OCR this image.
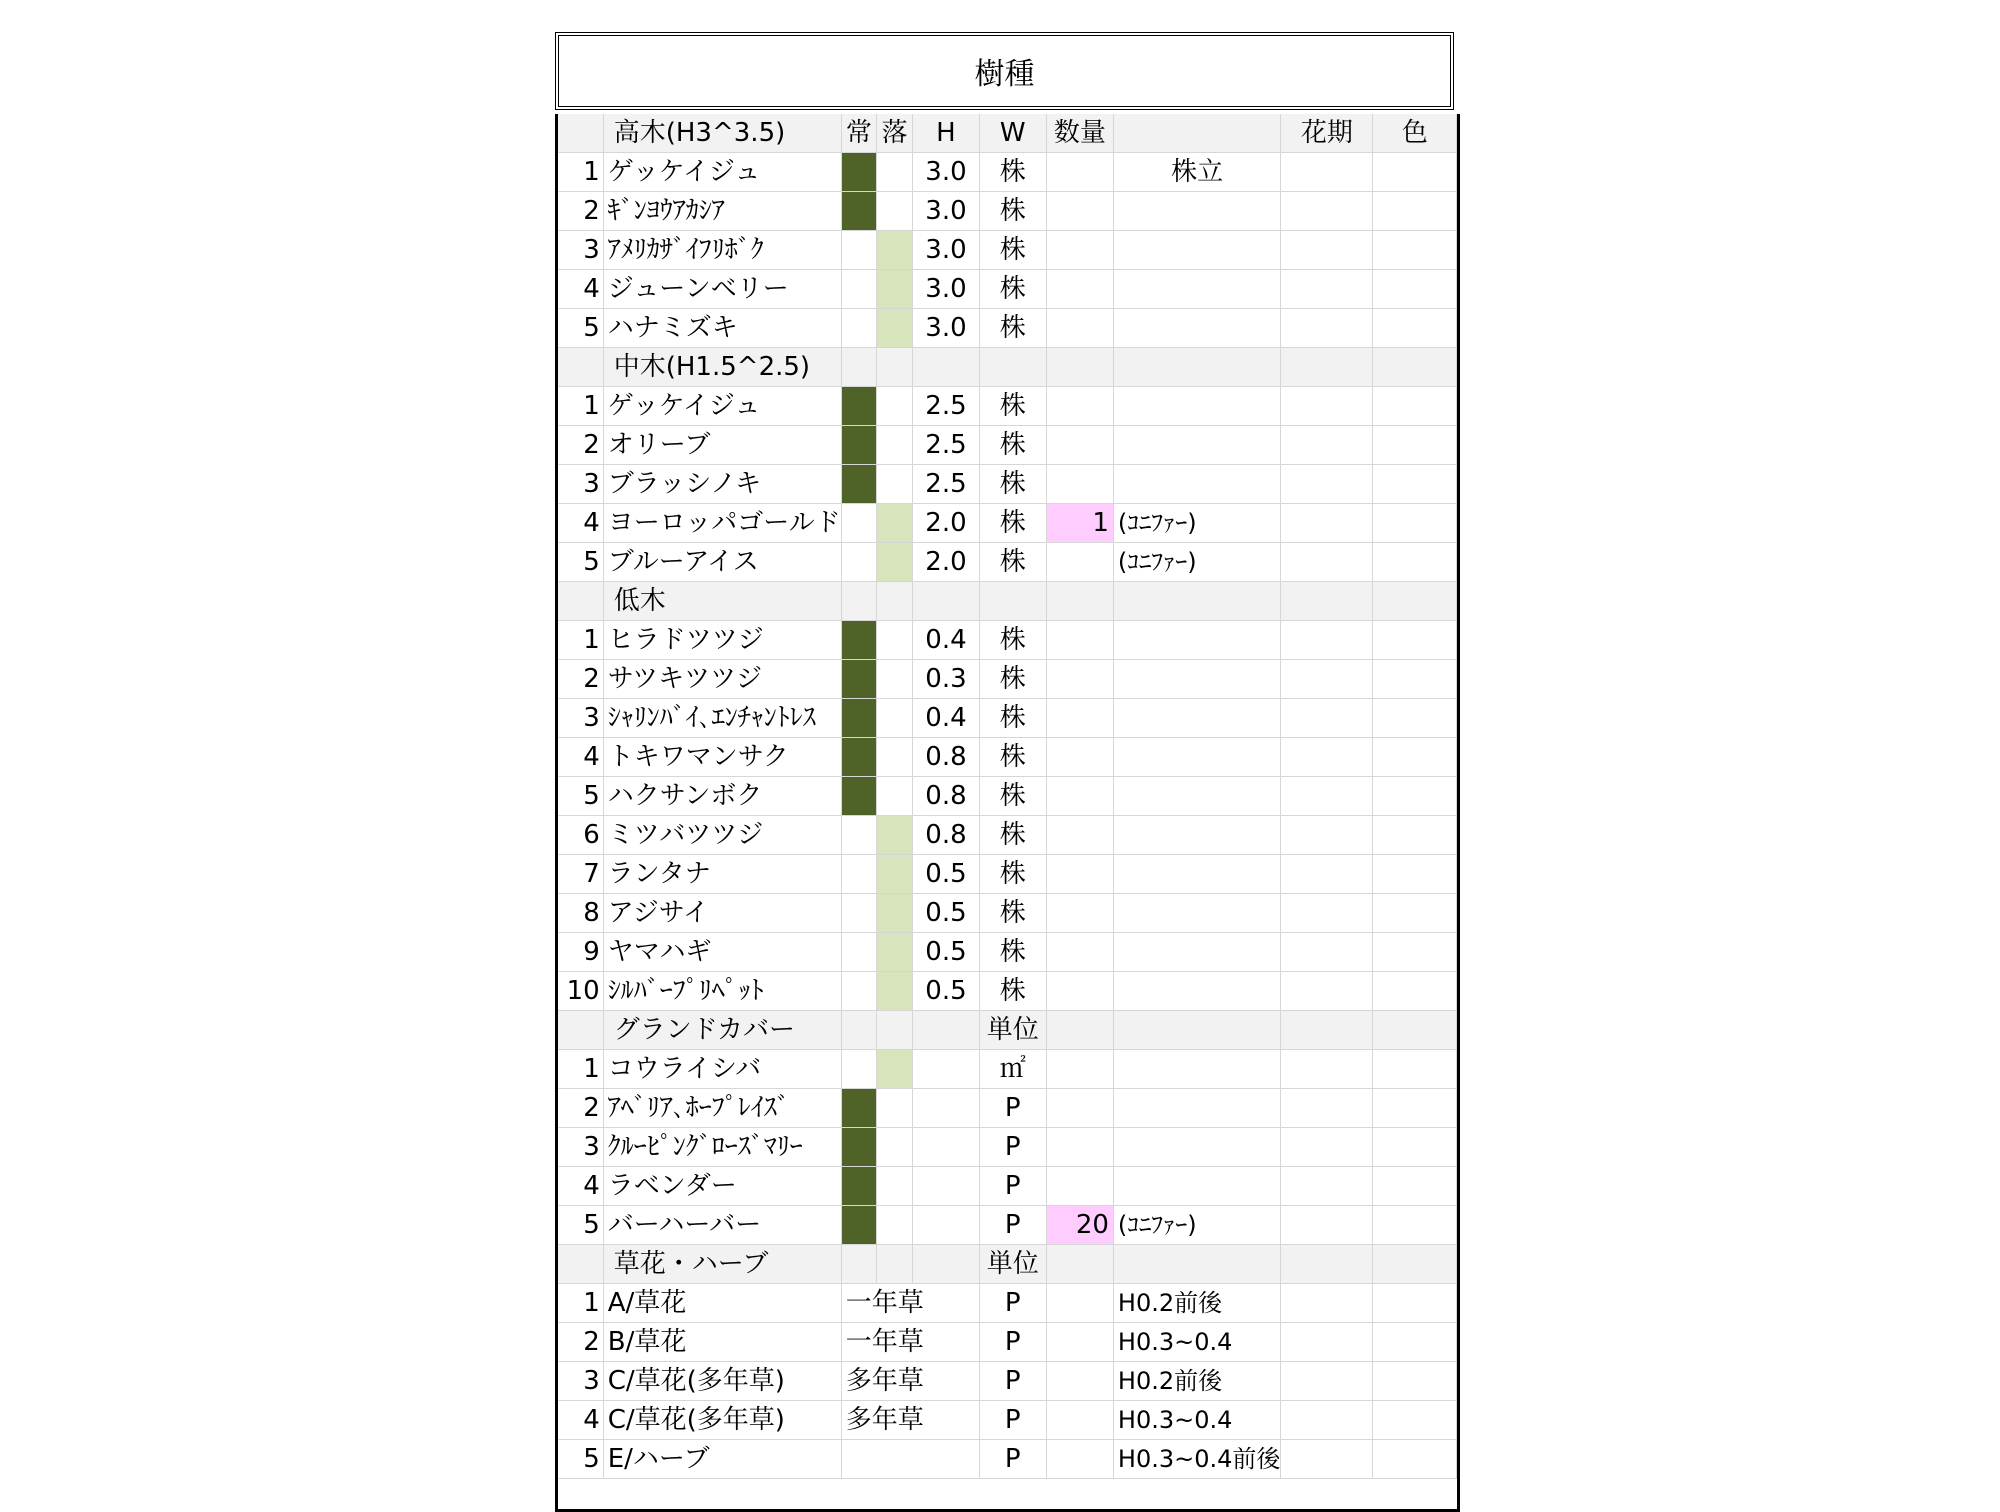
樹種
	高木(H3^3.5)	常	落	H	W	数量		花期	色
1	ゲッケイジュ			3.0	株		株立		
2	ｷﾞﾝﾖｳｱｶｼｱ			3.0	株				
3	ｱﾒﾘｶｻﾞｲﾌﾘﾎﾞｸ			3.0	株				
4	ジューンベリー			3.0	株				
5	ハナミズキ			3.0	株				
	中木(H1.5^2.5)								
1	ゲッケイジュ			2.5	株				
2	オリーブ			2.5	株				
3	ブラッシノキ			2.5	株				
4	ヨーロッパゴールド			2.0	株	1	(ｺﾆﾌｧｰ)		
5	ブルーアイス			2.0	株		(ｺﾆﾌｧｰ)		
	低木								
1	ヒラドツツジ			0.4	株				
2	サツキツツジ			0.3	株				
3	ｼｬﾘﾝﾊﾞｲ､ｴﾝﾁｬﾝﾄﾚｽ			0.4	株				
4	トキワマンサク			0.8	株				
5	ハクサンボク			0.8	株				
6	ミツバツツジ			0.8	株				
7	ランタナ			0.5	株				
8	アジサイ			0.5	株				
9	ヤマハギ			0.5	株				
10	ｼﾙﾊﾞｰﾌﾟﾘﾍﾟｯﾄ			0.5	株				
	グランドカバー				単位				
1	コウライシバ				㎡				
2	ｱﾍﾞﾘｱ､ﾎｰﾌﾟﾚｲｽﾞ				P				
3	ｸﾙｰﾋﾟﾝｸﾞﾛｰｽﾞﾏﾘｰ				P				
4	ラベンダー				P				
5	バーハーバー				P	20	(ｺﾆﾌｧｰ)		
	草花・ハーブ				単位				
1	A/草花	一年草			P		H0.2前後		
2	B/草花	一年草			P		H0.3~0.4		
3	C/草花(多年草)	多年草			P		H0.2前後		
4	C/草花(多年草)	多年草			P		H0.3~0.4		
5	E/ハーブ				P		H0.3~0.4前後		
